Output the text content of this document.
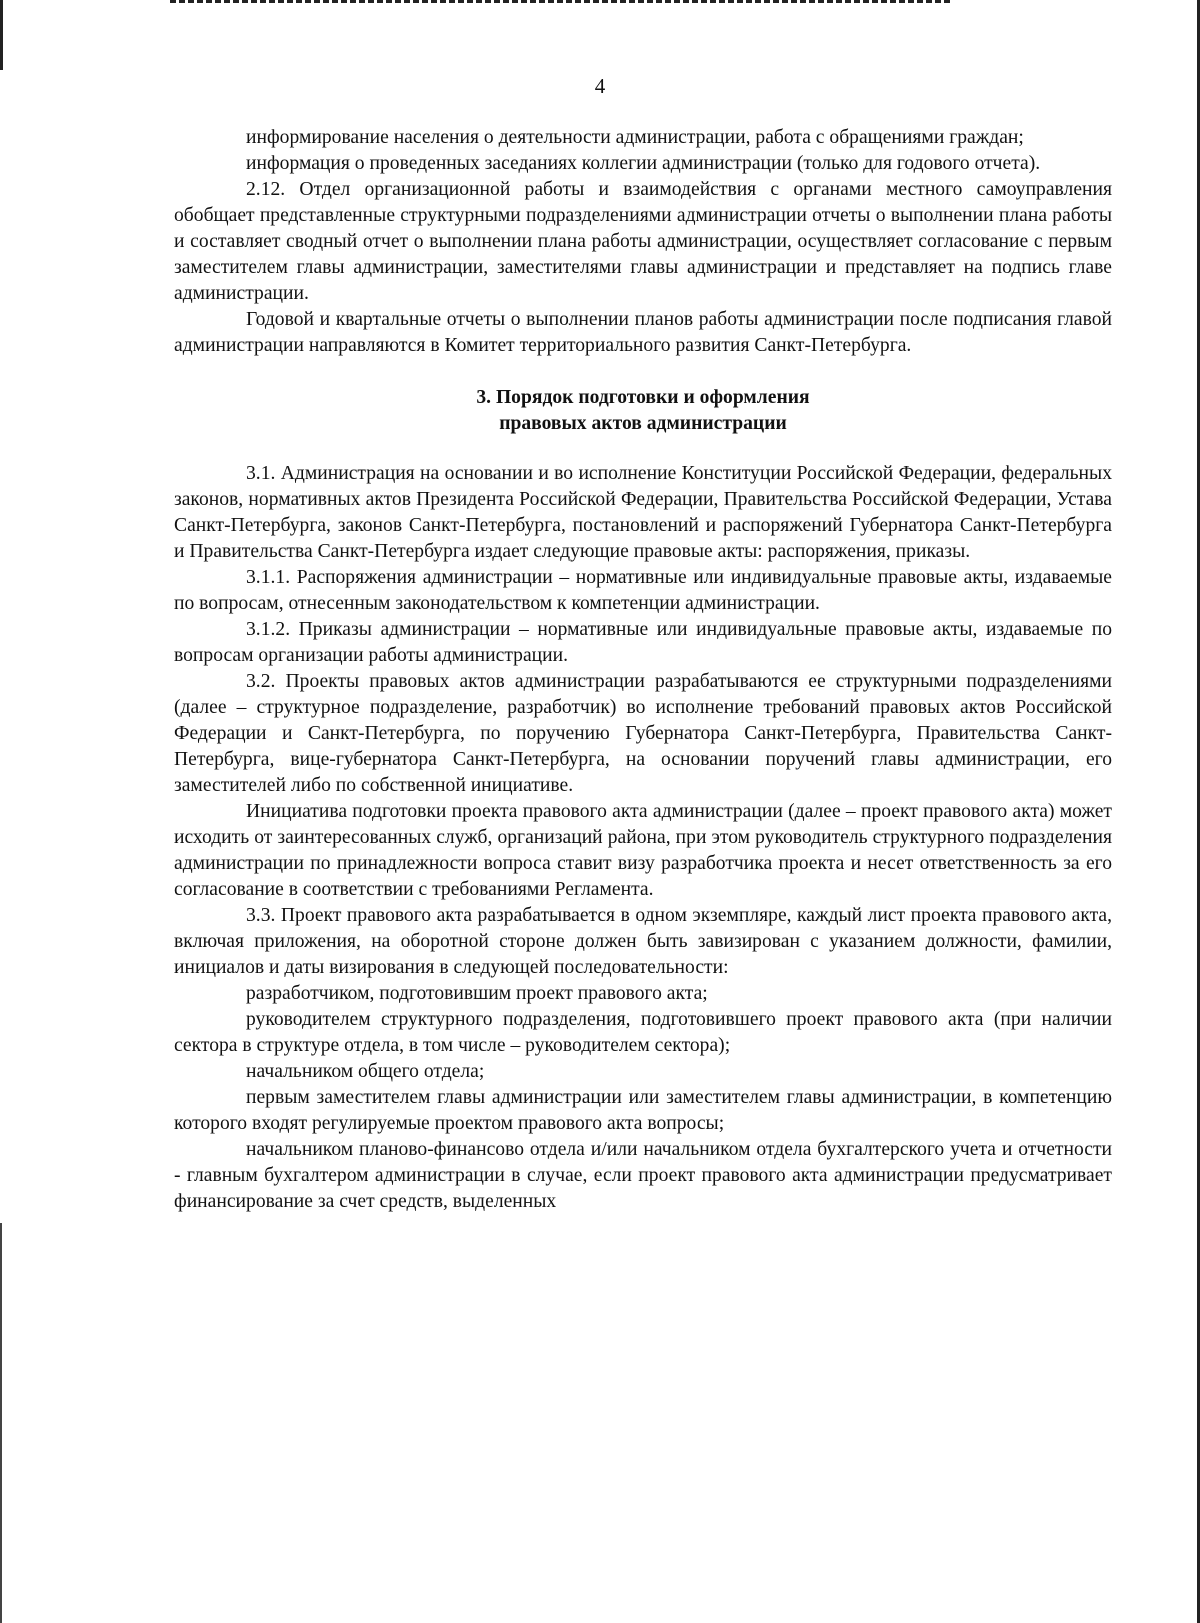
4

информирование населения о деятельности администрации, работа с обращениями граждан;

информация о проведенных заседаниях коллегии администрации (только для годового отчета).

2.12. Отдел организационной работы и взаимодействия с органами местного самоуправления обобщает представленные структурными подразделениями администрации отчеты о выполнении плана работы и составляет сводный отчет о выполнении плана работы администрации, осуществляет согласование с первым заместителем главы администрации, заместителями главы администрации и представляет на подпись главе администрации.

Годовой и квартальные отчеты о выполнении планов работы администрации после подписания главой администрации направляются в Комитет территориального развития Санкт-Петербурга.

3. Порядок подготовки и оформления
правовых актов администрации

3.1. Администрация на основании и во исполнение Конституции Российской Федерации, федеральных законов, нормативных актов Президента Российской Федерации, Правительства Российской Федерации, Устава Санкт-Петербурга, законов Санкт-Петербурга, постановлений и распоряжений Губернатора Санкт-Петербурга и Правительства Санкт-Петербурга издает следующие правовые акты: распоряжения, приказы.

3.1.1. Распоряжения администрации – нормативные или индивидуальные правовые акты, издаваемые по вопросам, отнесенным законодательством к компетенции администрации.

3.1.2. Приказы администрации – нормативные или индивидуальные правовые акты, издаваемые по вопросам организации работы администрации.

3.2. Проекты правовых актов администрации разрабатываются ее структурными подразделениями (далее – структурное подразделение, разработчик) во исполнение требований правовых актов Российской Федерации и Санкт-Петербурга, по поручению Губернатора Санкт-Петербурга, Правительства Санкт-Петербурга, вице-губернатора Санкт-Петербурга, на основании поручений главы администрации, его заместителей либо по собственной инициативе.

Инициатива подготовки проекта правового акта администрации (далее – проект правового акта) может исходить от заинтересованных служб, организаций района, при этом руководитель структурного подразделения администрации по принадлежности вопроса ставит визу разработчика проекта и несет ответственность за его согласование в соответствии с требованиями Регламента.

3.3. Проект правового акта разрабатывается в одном экземпляре, каждый лист проекта правового акта, включая приложения, на оборотной стороне должен быть завизирован с указанием должности, фамилии, инициалов и даты визирования в следующей последовательности:

разработчиком, подготовившим проект правового акта;

руководителем структурного подразделения, подготовившего проект правового акта (при наличии сектора в структуре отдела, в том числе – руководителем сектора);

начальником общего отдела;

первым заместителем главы администрации или заместителем главы администрации, в компетенцию которого входят регулируемые проектом правового акта вопросы;

начальником планово-финансово отдела и/или начальником отдела бухгалтерского учета и отчетности - главным бухгалтером администрации в случае, если проект правового акта администрации предусматривает финансирование за счет средств, выделенных
